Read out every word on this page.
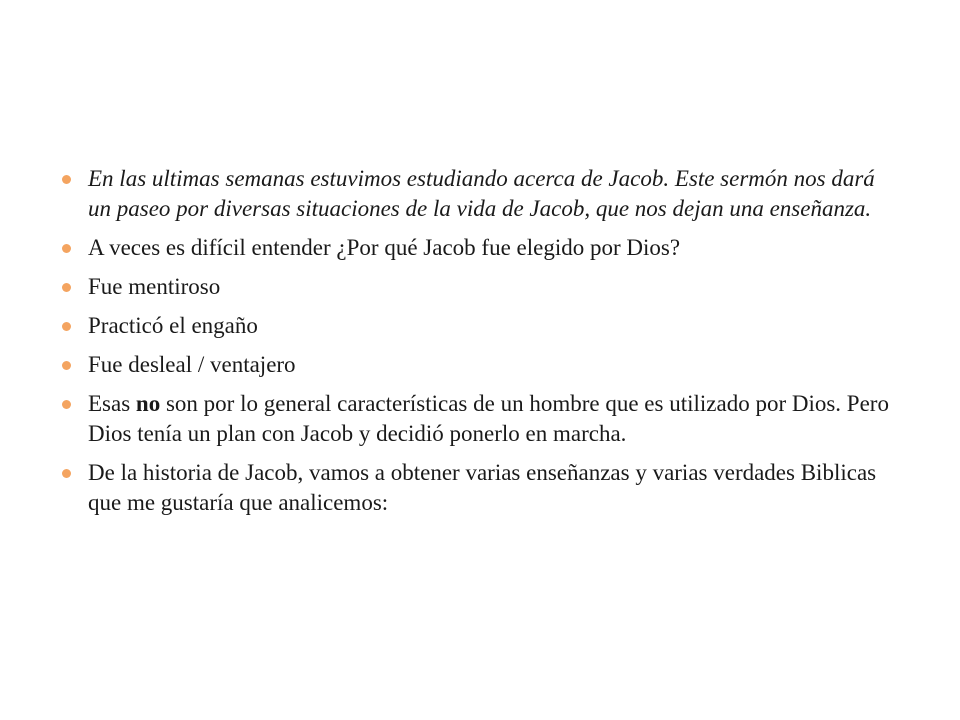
En las ultimas semanas estuvimos estudiando acerca de Jacob. Este sermón nos dará un paseo por diversas situaciones de la vida de Jacob, que nos dejan una enseñanza.
A veces es difícil entender ¿Por qué Jacob fue elegido por Dios?
Fue mentiroso
Practicó el engaño
Fue desleal / ventajero
Esas no son por lo general características de un hombre que es utilizado por Dios. Pero Dios tenía un plan con Jacob y decidió ponerlo en marcha.
De la historia de Jacob, vamos a obtener varias enseñanzas y varias verdades Biblicas que me gustaría que analicemos:
